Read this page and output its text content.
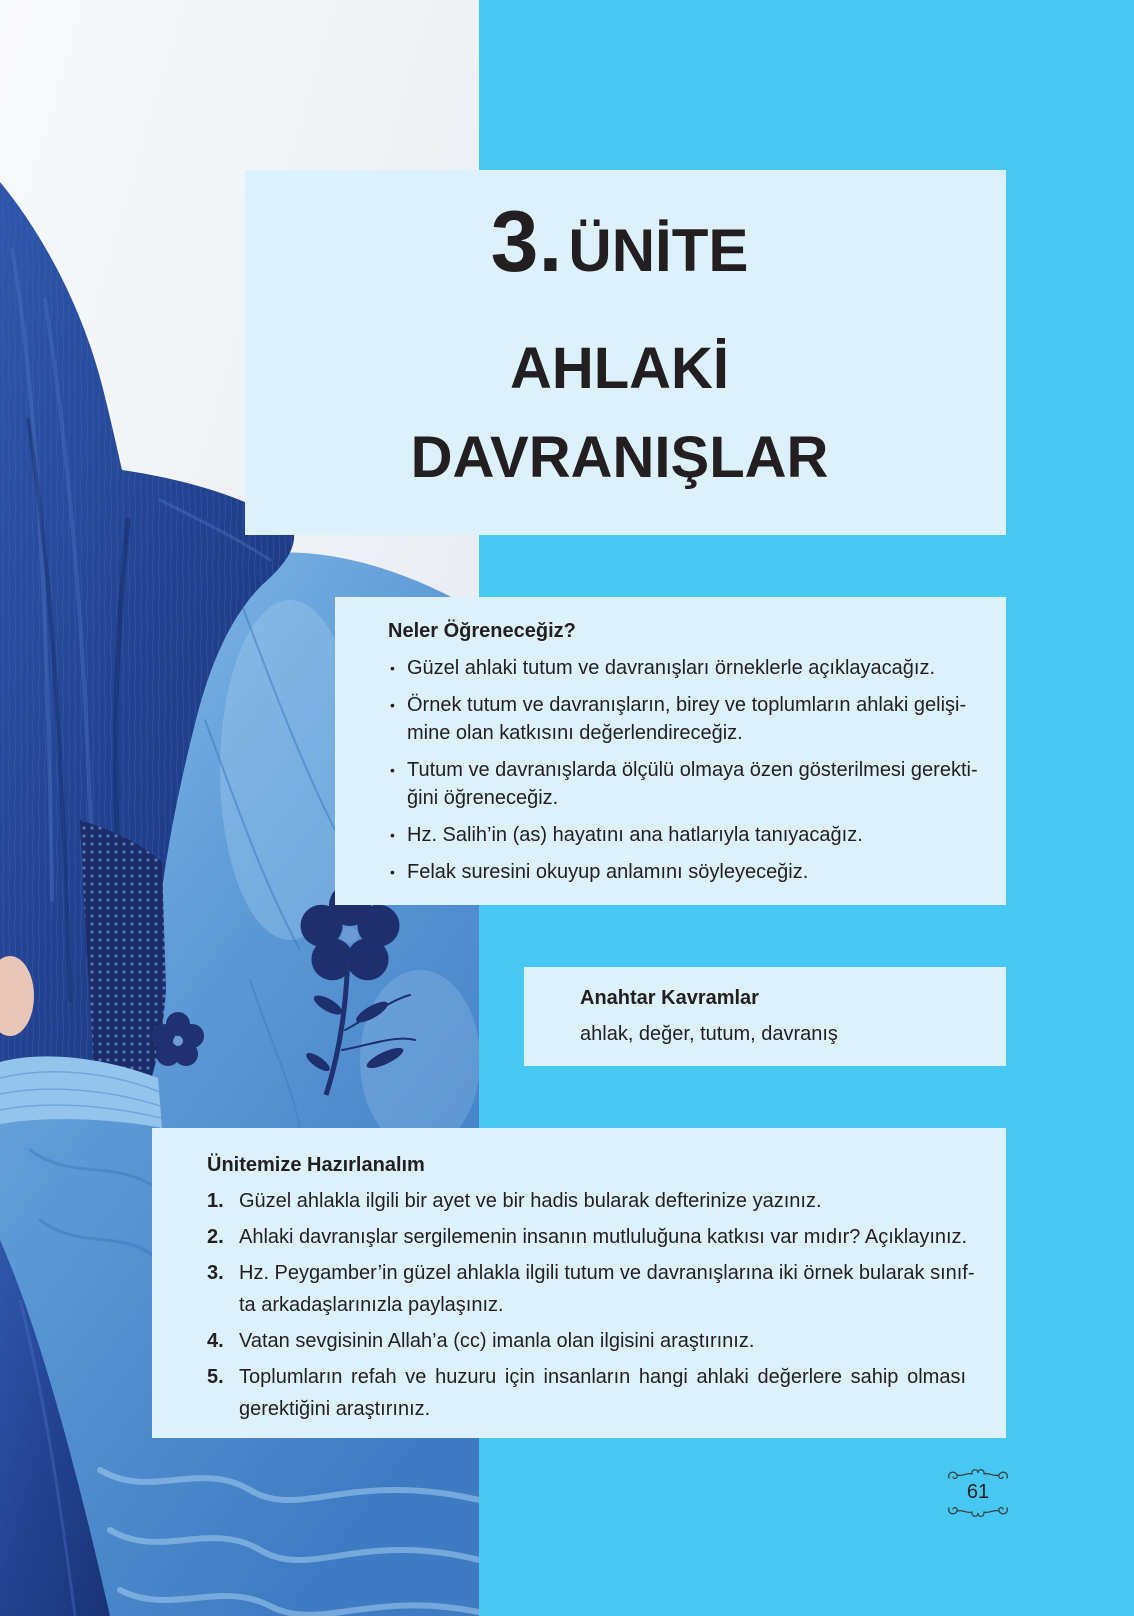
3. ÜNİTE
AHLAKİ
DAVRANIŞLAR
Neler Öğreneceğiz?
• Güzel ahlaki tutum ve davranışları örneklerle açıklayacağız.
• Örnek tutum ve davranışların, birey ve toplumların ahlaki gelişi-
mine olan katkısını değerlendireceğiz.
• Tutum ve davranışlarda ölçülü olmaya özen gösterilmesi gerekti-
ğini öğreneceğiz.
• Hz. Salih’in (as) hayatını ana hatlarıyla tanıyacağız.
• Felak suresini okuyup anlamını söyleyeceğiz.
Anahtar Kavramlar
ahlak, değer, tutum, davranış
Ünitemize Hazırlanalım
1. Güzel ahlakla ilgili bir ayet ve bir hadis bularak defterinize yazınız.
2. Ahlaki davranışlar sergilemenin insanın mutluluğuna katkısı var mıdır? Açıklayınız.
3. Hz. Peygamber’in güzel ahlakla ilgili tutum ve davranışlarına iki örnek bularak sınıf-
ta arkadaşlarınızla paylaşınız.
4. Vatan sevgisinin Allah’a (cc) imanla olan ilgisini araştırınız.
5. Toplumların refah ve huzuru için insanların hangi ahlaki değerlere sahip olması
gerektiğini araştırınız.
61
